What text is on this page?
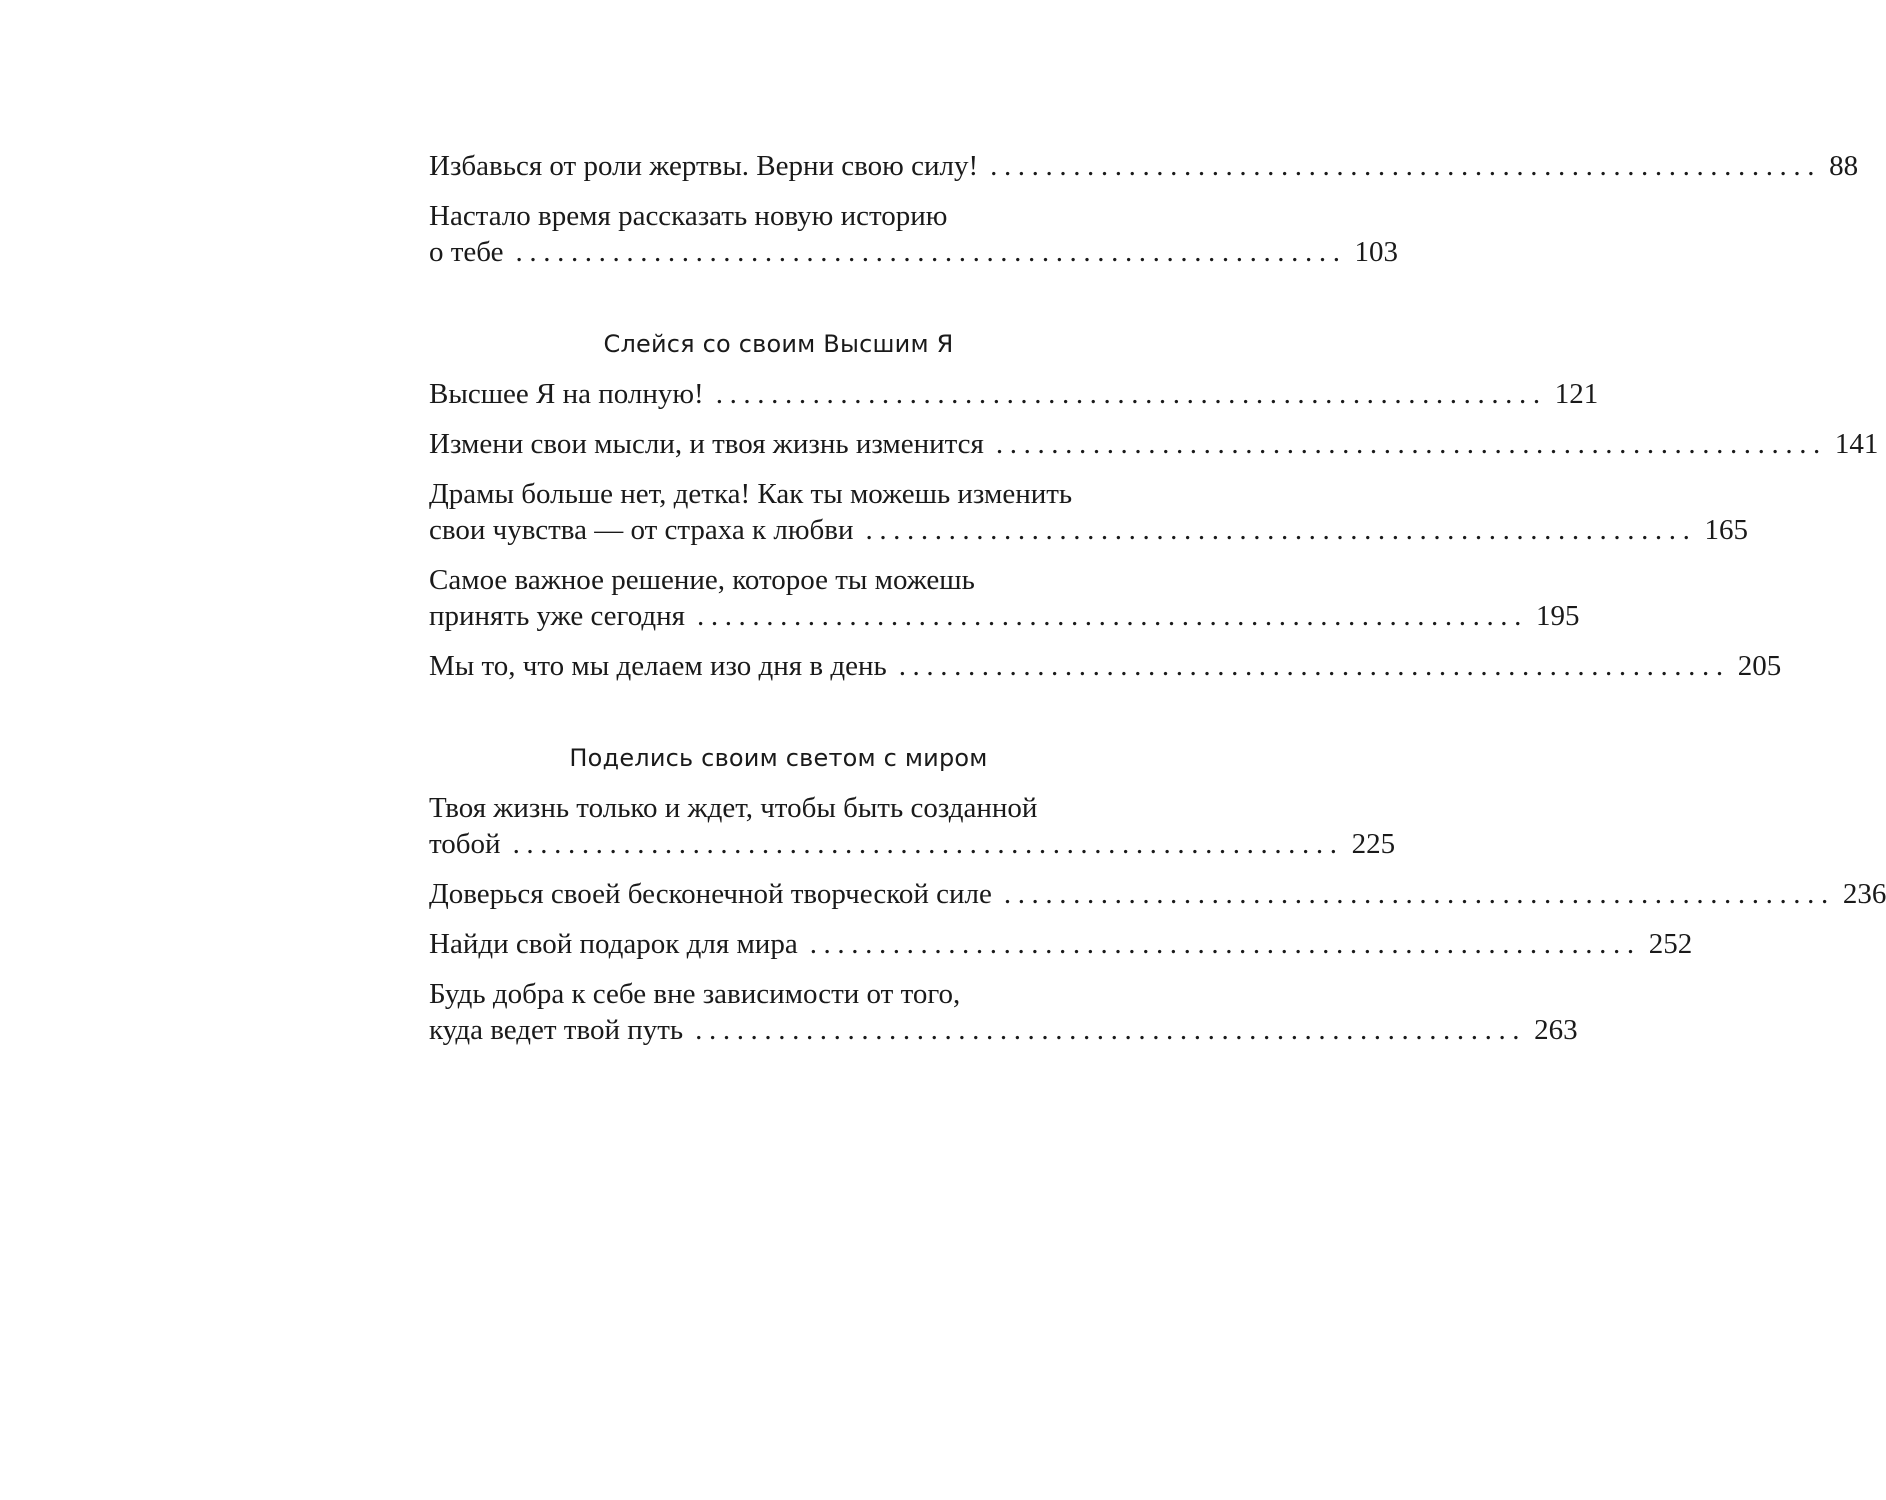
Избавься от роли жертвы. Верни свою силу! ............................................................ 88
Настало время рассказать новую историю
о тебе ............................................................ 103
Слейся со своим Высшим Я
Высшее Я на полную! ............................................................ 121
Измени свои мысли, и твоя жизнь изменится ............................................................ 141
Драмы больше нет, детка! Как ты можешь изменить
свои чувства — от страха к любви ............................................................ 165
Самое важное решение, которое ты можешь
принять уже сегодня ............................................................ 195
Мы то, что мы делаем изо дня в день ............................................................ 205
Поделись своим светом с миром
Твоя жизнь только и ждет, чтобы быть созданной
тобой ............................................................ 225
Доверься своей бесконечной творческой силе ............................................................ 236
Найди свой подарок для мира ............................................................ 252
Будь добра к себе вне зависимости от того,
куда ведет твой путь ............................................................ 263
